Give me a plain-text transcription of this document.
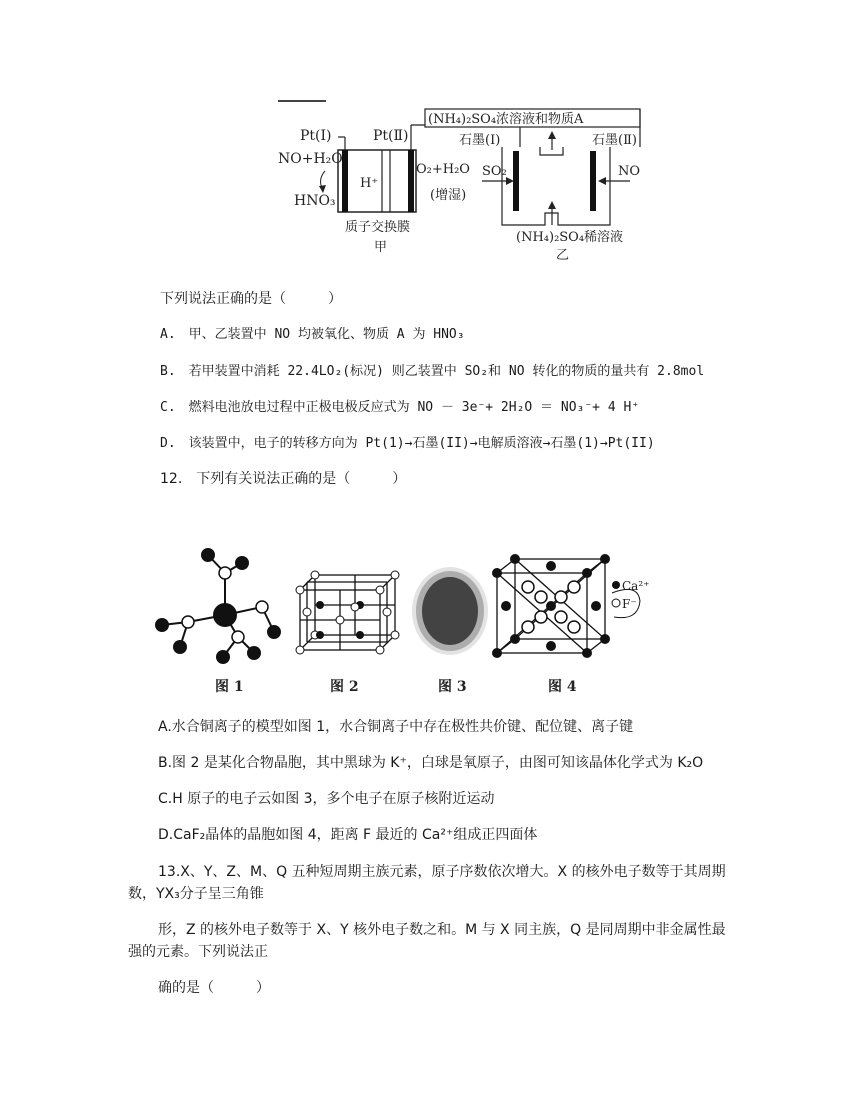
Pt(Ⅰ)	Pt(Ⅱ)
NO+H₂O
HNO₃
H⁺
O₂+H₂O
(增湿)
质子交换膜
甲
(NH₄)₂SO₄浓溶液和物质A
石墨(Ⅰ)	石墨(Ⅱ)
SO₂	NO
(NH₄)₂SO₄稀溶液
乙
下列说法正确的是（　　　）
A.　甲、乙装置中 NO 均被氧化、物质 A 为 HNO₃
B.　若甲装置中消耗 22.4LO₂(标况) 则乙装置中 SO₂和 NO 转化的物质的量共有 2.8mol
C.　燃料电池放电过程中正极电极反应式为 NO － 3e⁻+ 2H₂O ＝ NO₃⁻+ 4 H⁺
D.　该装置中，电子的转移方向为 Pt(1)→石墨(II)→电解质溶液→石墨(1)→Pt(II)
12.　下列有关说法正确的是（　　　）
Ca²⁺
F⁻
图 1	图 2	图 3	图 4
A.水合铜离子的模型如图 1，水合铜离子中存在极性共价键、配位键、离子键
B.图 2 是某化合物晶胞，其中黑球为 K⁺，白球是氧原子，由图可知该晶体化学式为 K₂O
C.H 原子的电子云如图 3，多个电子在原子核附近运动
D.CaF₂晶体的晶胞如图 4，距离 F 最近的 Ca²⁺组成正四面体
13.X、Y、Z、M、Q 五种短周期主族元素，原子序数依次增大。X 的核外电子数等于其周期
数，YX₃分子呈三角锥
形，Z 的核外电子数等于 X、Y 核外电子数之和。M 与 X 同主族，Q 是同周期中非金属性最
强的元素。下列说法正
确的是（　　　）
